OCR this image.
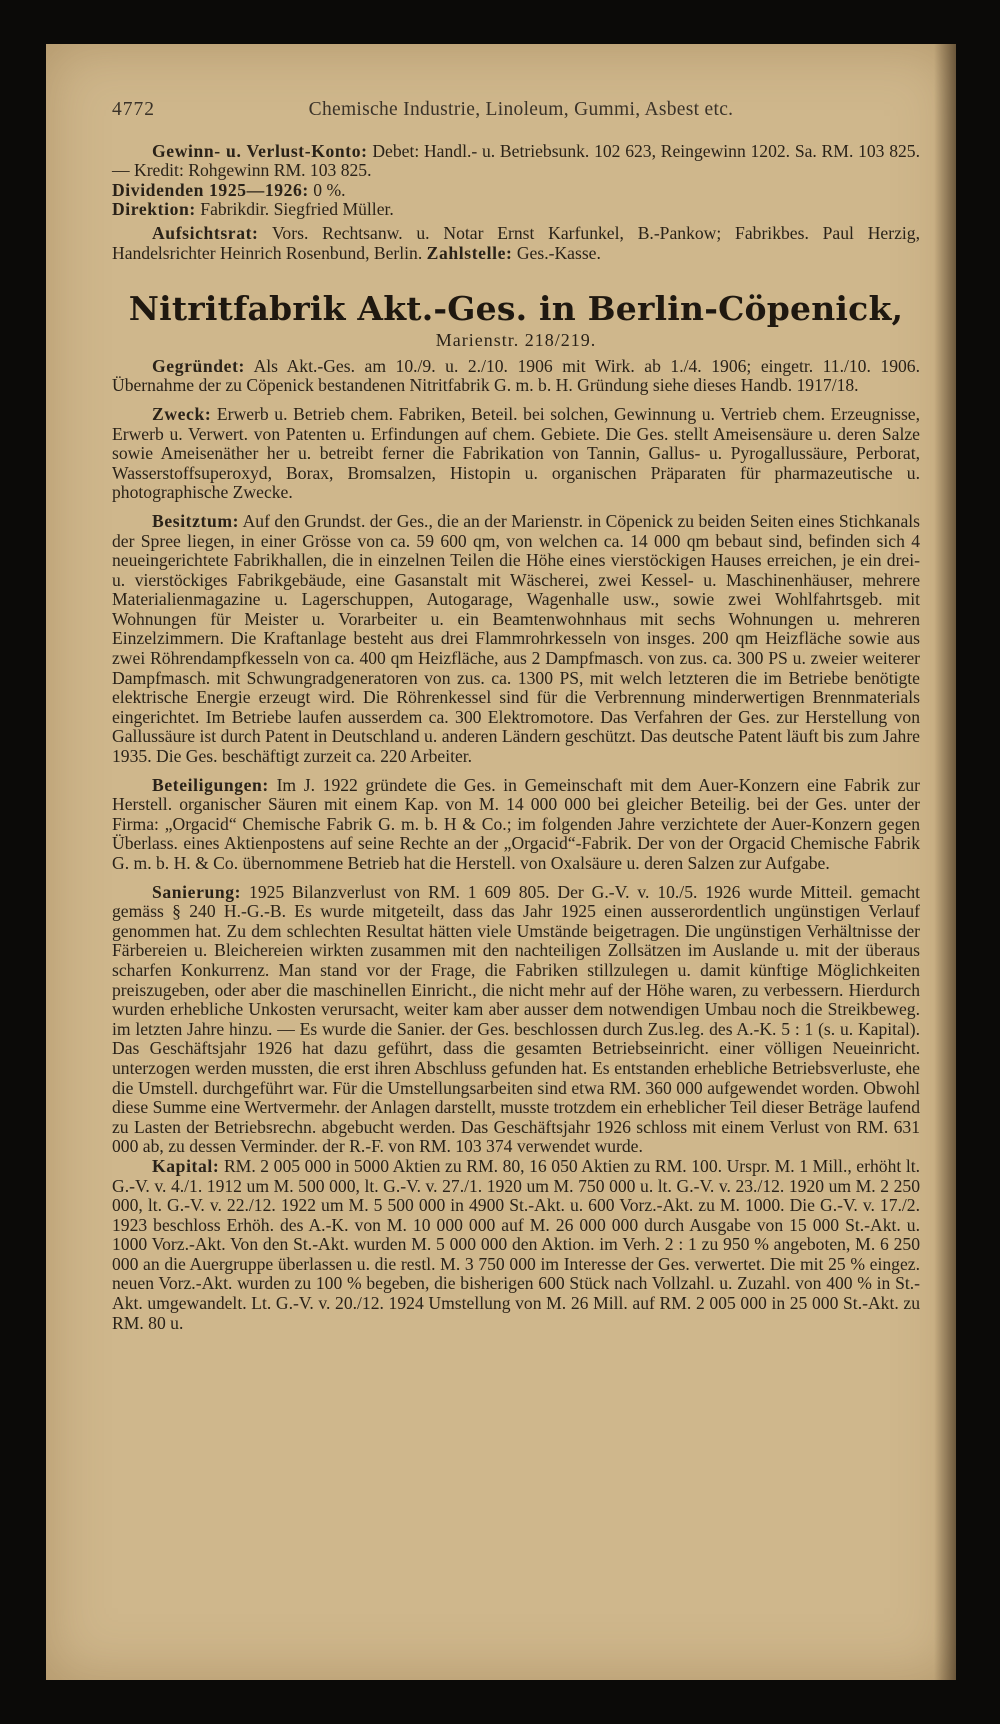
4772	Chemische Industrie, Linoleum, Gummi, Asbest etc.

Gewinn- u. Verlust-Konto: Debet: Handl.- u. Betriebsunk. 102 623, Reingewinn 1202. Sa. RM. 103 825. — Kredit: Rohgewinn RM. 103 825.

Dividenden 1925—1926: 0 %.

Direktion: Fabrikdir. Siegfried Müller.

Aufsichtsrat: Vors. Rechtsanw. u. Notar Ernst Karfunkel, B.-Pankow; Fabrikbes. Paul Herzig, Handelsrichter Heinrich Rosenbund, Berlin. Zahlstelle: Ges.-Kasse.

Nitritfabrik Akt.-Ges. in Berlin-Cöpenick,
Marienstr. 218/219.

Gegründet: Als Akt.-Ges. am 10./9. u. 2./10. 1906 mit Wirk. ab 1./4. 1906; eingetr. 11./10. 1906. Übernahme der zu Cöpenick bestandenen Nitritfabrik G. m. b. H. Gründung siehe dieses Handb. 1917/18.

Zweck: Erwerb u. Betrieb chem. Fabriken, Beteil. bei solchen, Gewinnung u. Vertrieb chem. Erzeugnisse, Erwerb u. Verwert. von Patenten u. Erfindungen auf chem. Gebiete. Die Ges. stellt Ameisensäure u. deren Salze sowie Ameisenäther her u. betreibt ferner die Fabrikation von Tannin, Gallus- u. Pyrogallussäure, Perborat, Wasserstoffsuperoxyd, Borax, Bromsalzen, Histopin u. organischen Präparaten für pharmazeutische u. photographische Zwecke.

Besitztum: Auf den Grundst. der Ges., die an der Marienstr. in Cöpenick zu beiden Seiten eines Stichkanals der Spree liegen, in einer Grösse von ca. 59 600 qm, von welchen ca. 14 000 qm bebaut sind, befinden sich 4 neueingerichtete Fabrikhallen, die in einzelnen Teilen die Höhe eines vierstöckigen Hauses erreichen, je ein drei- u. vierstöckiges Fabrikgebäude, eine Gasanstalt mit Wäscherei, zwei Kessel- u. Maschinenhäuser, mehrere Materialienmagazine u. Lagerschuppen, Autogarage, Wagenhalle usw., sowie zwei Wohlfahrtsgeb. mit Wohnungen für Meister u. Vorarbeiter u. ein Beamtenwohnhaus mit sechs Wohnungen u. mehreren Einzelzimmern. Die Kraftanlage besteht aus drei Flammrohrkesseln von insges. 200 qm Heizfläche sowie aus zwei Röhrendampfkesseln von ca. 400 qm Heizfläche, aus 2 Dampfmasch. von zus. ca. 300 PS u. zweier weiterer Dampfmasch. mit Schwungradgeneratoren von zus. ca. 1300 PS, mit welch letzteren die im Betriebe benötigte elektrische Energie erzeugt wird. Die Röhrenkessel sind für die Verbrennung minderwertigen Brennmaterials eingerichtet. Im Betriebe laufen ausserdem ca. 300 Elektromotore. Das Verfahren der Ges. zur Herstellung von Gallussäure ist durch Patent in Deutschland u. anderen Ländern geschützt. Das deutsche Patent läuft bis zum Jahre 1935. Die Ges. beschäftigt zurzeit ca. 220 Arbeiter.

Beteiligungen: Im J. 1922 gründete die Ges. in Gemeinschaft mit dem Auer-Konzern eine Fabrik zur Herstell. organischer Säuren mit einem Kap. von M. 14 000 000 bei gleicher Beteilig. bei der Ges. unter der Firma: „Orgacid“ Chemische Fabrik G. m. b. H & Co.; im folgenden Jahre verzichtete der Auer-Konzern gegen Überlass. eines Aktienpostens auf seine Rechte an der „Orgacid“-Fabrik. Der von der Orgacid Chemische Fabrik G. m. b. H. & Co. übernommene Betrieb hat die Herstell. von Oxalsäure u. deren Salzen zur Aufgabe.

Sanierung: 1925 Bilanzverlust von RM. 1 609 805. Der G.-V. v. 10./5. 1926 wurde Mitteil. gemacht gemäss § 240 H.-G.-B. Es wurde mitgeteilt, dass das Jahr 1925 einen ausserordentlich ungünstigen Verlauf genommen hat. Zu dem schlechten Resultat hätten viele Umstände beigetragen. Die ungünstigen Verhältnisse der Färbereien u. Bleichereien wirkten zusammen mit den nachteiligen Zollsätzen im Auslande u. mit der überaus scharfen Konkurrenz. Man stand vor der Frage, die Fabriken stillzulegen u. damit künftige Möglichkeiten preiszugeben, oder aber die maschinellen Einricht., die nicht mehr auf der Höhe waren, zu verbessern. Hierdurch wurden erhebliche Unkosten verursacht, weiter kam aber ausser dem notwendigen Umbau noch die Streikbeweg. im letzten Jahre hinzu. — Es wurde die Sanier. der Ges. beschlossen durch Zus.leg. des A.-K. 5 : 1 (s. u. Kapital). Das Geschäftsjahr 1926 hat dazu geführt, dass die gesamten Betriebseinricht. einer völligen Neueinricht. unterzogen werden mussten, die erst ihren Abschluss gefunden hat. Es entstanden erhebliche Betriebsverluste, ehe die Umstell. durchgeführt war. Für die Umstellungsarbeiten sind etwa RM. 360 000 aufgewendet worden. Obwohl diese Summe eine Wertvermehr. der Anlagen darstellt, musste trotzdem ein erheblicher Teil dieser Beträge laufend zu Lasten der Betriebsrechn. abgebucht werden. Das Geschäftsjahr 1926 schloss mit einem Verlust von RM. 631 000 ab, zu dessen Verminder. der R.-F. von RM. 103 374 verwendet wurde.

Kapital: RM. 2 005 000 in 5000 Aktien zu RM. 80, 16 050 Aktien zu RM. 100. Urspr. M. 1 Mill., erhöht lt. G.-V. v. 4./1. 1912 um M. 500 000, lt. G.-V. v. 27./1. 1920 um M. 750 000 u. lt. G.-V. v. 23./12. 1920 um M. 2 250 000, lt. G.-V. v. 22./12. 1922 um M. 5 500 000 in 4900 St.-Akt. u. 600 Vorz.-Akt. zu M. 1000. Die G.-V. v. 17./2. 1923 beschloss Erhöh. des A.-K. von M. 10 000 000 auf M. 26 000 000 durch Ausgabe von 15 000 St.-Akt. u. 1000 Vorz.-Akt. Von den St.-Akt. wurden M. 5 000 000 den Aktion. im Verh. 2 : 1 zu 950 % angeboten, M. 6 250 000 an die Auergruppe überlassen u. die restl. M. 3 750 000 im Interesse der Ges. verwertet. Die mit 25 % eingez. neuen Vorz.-Akt. wurden zu 100 % begeben, die bisherigen 600 Stück nach Vollzahl. u. Zuzahl. von 400 % in St.-Akt. umgewandelt. Lt. G.-V. v. 20./12. 1924 Umstellung von M. 26 Mill. auf RM. 2 005 000 in 25 000 St.-Akt. zu RM. 80 u.
